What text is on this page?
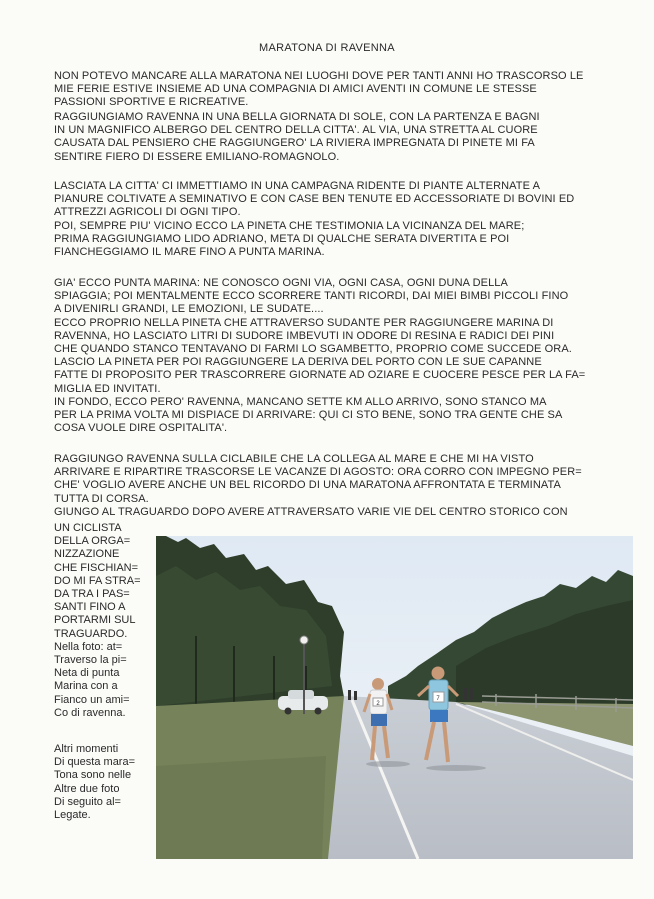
MARATONA DI RAVENNA

NON POTEVO MANCARE ALLA MARATONA NEI LUOGHI DOVE PER TANTI ANNI HO TRASCORSO LE
MIE FERIE ESTIVE INSIEME AD UNA COMPAGNIA DI AMICI AVENTI IN COMUNE LE STESSE
PASSIONI SPORTIVE E RICREATIVE.

RAGGIUNGIAMO RAVENNA IN UNA BELLA GIORNATA DI SOLE, CON LA PARTENZA E BAGNI
IN UN MAGNIFICO ALBERGO DEL CENTRO DELLA CITTA'. AL VIA, UNA STRETTA AL CUORE
CAUSATA DAL PENSIERO CHE RAGGIUNGERO' LA RIVIERA IMPREGNATA DI PINETE MI FA
SENTIRE FIERO DI ESSERE EMILIANO-ROMAGNOLO.

LASCIATA LA CITTA' CI IMMETTIAMO IN UNA CAMPAGNA RIDENTE DI PIANTE ALTERNATE A
PIANURE COLTIVATE A SEMINATIVO E CON CASE BEN TENUTE ED ACCESSORIATE DI BOVINI ED
ATTREZZI AGRICOLI DI OGNI TIPO.
POI, SEMPRE PIU' VICINO ECCO LA PINETA CHE TESTIMONIA LA VICINANZA DEL MARE;
PRIMA RAGGIUNGIAMO LIDO ADRIANO, META DI QUALCHE SERATA DIVERTITA E POI
FIANCHEGGIAMO IL MARE FINO A PUNTA MARINA.

GIA' ECCO PUNTA MARINA: NE CONOSCO OGNI VIA, OGNI CASA, OGNI DUNA DELLA
SPIAGGIA; POI MENTALMENTE ECCO SCORRERE TANTI RICORDI, DAI MIEI BIMBI PICCOLI FINO
A DIVENIRLI GRANDI, LE EMOZIONI, LE SUDATE....
ECCO PROPRIO NELLA PINETA CHE ATTRAVERSO SUDANTE PER RAGGIUNGERE MARINA DI
RAVENNA, HO LASCIATO LITRI DI SUDORE IMBEVUTI IN ODORE DI RESINA E RADICI DEI PINI
CHE QUANDO STANCO TENTAVANO DI FARMI LO SGAMBETTO, PROPRIO COME SUCCEDE ORA.
LASCIO LA PINETA PER POI RAGGIUNGERE LA DERIVA DEL PORTO CON LE SUE CAPANNE
FATTE DI PROPOSITO PER TRASCORRERE GIORNATE AD OZIARE E CUOCERE PESCE PER LA FA=
MIGLIA ED INVITATI.
IN FONDO, ECCO PERO' RAVENNA, MANCANO SETTE KM ALLO ARRIVO, SONO STANCO MA
PER LA PRIMA VOLTA MI DISPIACE DI ARRIVARE: QUI CI STO BENE, SONO TRA GENTE CHE SA
COSA VUOLE DIRE OSPITALITA'.

RAGGIUNGO RAVENNA SULLA CICLABILE CHE LA COLLEGA AL MARE E CHE MI HA VISTO
ARRIVARE E RIPARTIRE TRASCORSE LE VACANZE DI AGOSTO: ORA CORRO CON IMPEGNO PER=
CHE' VOGLIO AVERE ANCHE UN BEL RICORDO DI UNA MARATONA AFFRONTATA E TERMINATA
TUTTA DI CORSA.
GIUNGO AL TRAGUARDO DOPO AVERE ATTRAVERSATO VARIE VIE DEL CENTRO STORICO CON

UN CICLISTA
DELLA ORGA=
NIZZAZIONE
CHE FISCHIAN=
DO MI FA STRA=
DA TRA I PAS=
SANTI FINO A
PORTARMI SUL
TRAGUARDO.
Nella foto: at=
Traverso la pi=
Neta di punta
Marina con a
Fianco un ami=
Co di ravenna.

Altri momenti
Di questa mara=
Tona sono nelle
Altre due foto
Di seguito al=
Legate.

2
7
